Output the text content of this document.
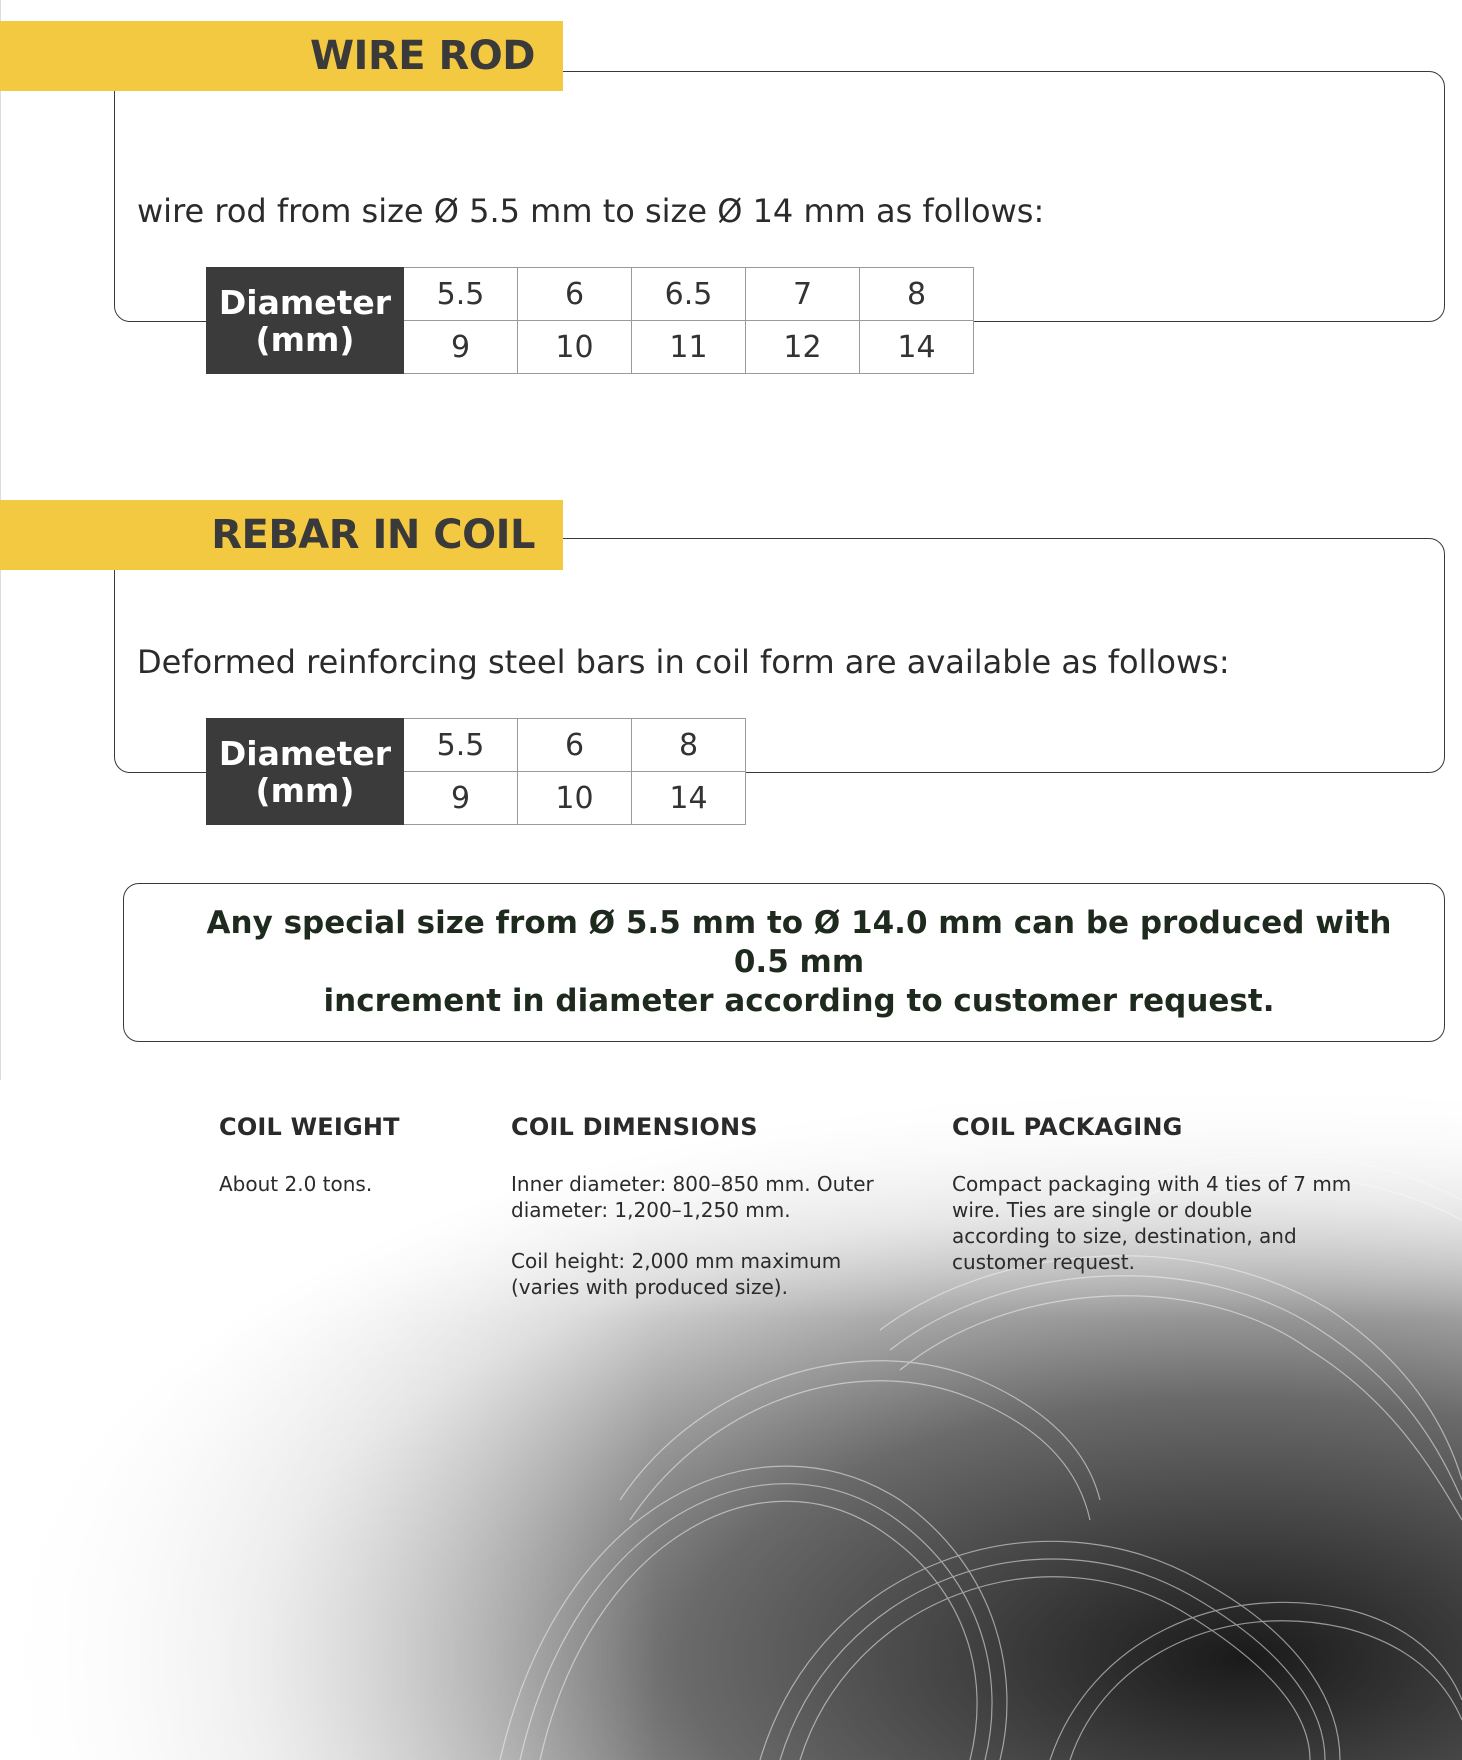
WIRE ROD
wire rod from size Ø 5.5 mm to size Ø 14 mm as follows:
Diameter
(mm)	5.5	6	6.5	7	8
	9	10	11	12	14
REBAR IN COIL
Deformed reinforcing steel bars in coil form are available as follows:
Diameter
(mm)	5.5	6	8
	9	10	14
Any special size from Ø 5.5 mm to Ø 14.0 mm can be produced with 0.5 mm
increment in diameter according to customer request.
COIL WEIGHT

About 2.0 tons.

COIL DIMENSIONS

Inner diameter: 800–850 mm. Outer diameter: 1,200–1,250 mm.

Coil height: 2,000 mm maximum (varies with produced size).

COIL PACKAGING

Compact packaging with 4 ties of 7 mm wire. Ties are single or double according to size, destination, and customer request.
